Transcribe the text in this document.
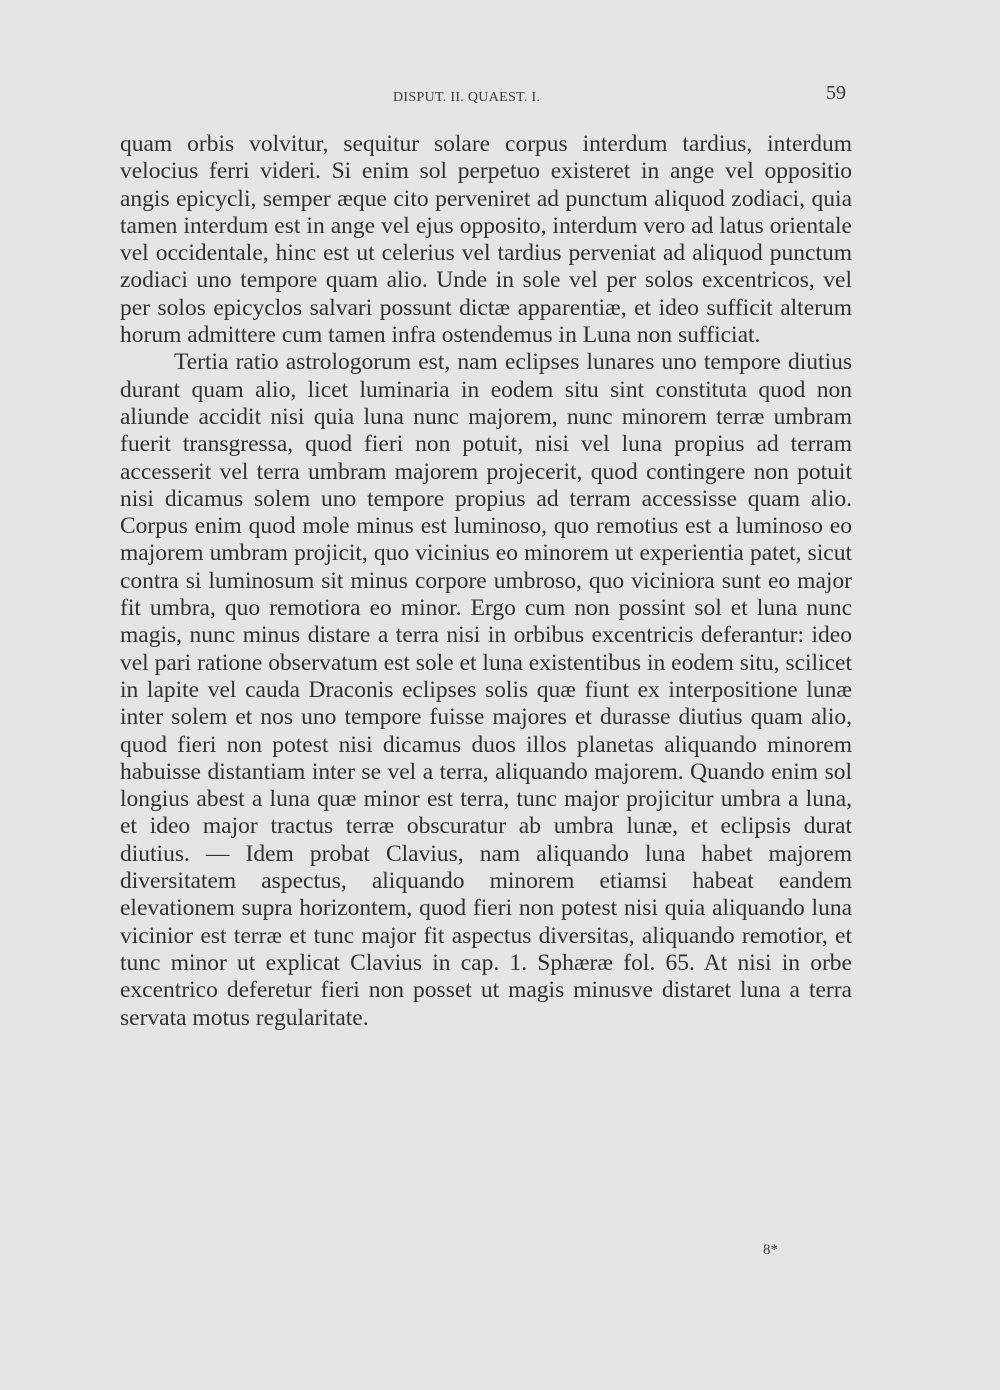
DISPUT. II. QUAEST. I.	59

quam orbis volvitur, sequitur solare corpus interdum tardius, interdum velocius ferri videri. Si enim sol perpetuo existeret in ange vel oppositio angis epicycli, semper æque cito perveniret ad punctum aliquod zodiaci, quia tamen interdum est in ange vel ejus opposito, interdum vero ad latus orientale vel occidentale, hinc est ut celerius vel tardius perveniat ad aliquod punctum zodiaci uno tempore quam alio. Unde in sole vel per solos excentricos, vel per solos epicyclos salvari possunt dictæ apparentiæ, et ideo sufficit alterum horum admittere cum tamen infra ostendemus in Luna non sufficiat.

Tertia ratio astrologorum est, nam eclipses lunares uno tempore diutius durant quam alio, licet luminaria in eodem situ sint constituta quod non aliunde accidit nisi quia luna nunc majorem, nunc minorem terræ umbram fuerit transgressa, quod fieri non potuit, nisi vel luna propius ad terram accesserit vel terra umbram majorem projecerit, quod contingere non potuit nisi dicamus solem uno tempore propius ad terram accessisse quam alio. Corpus enim quod mole minus est luminoso, quo remotius est a luminoso eo majorem umbram projicit, quo vicinius eo minorem ut experientia patet, sicut contra si luminosum sit minus corpore umbroso, quo viciniora sunt eo major fit umbra, quo remotiora eo minor. Ergo cum non possint sol et luna nunc magis, nunc minus distare a terra nisi in orbibus excentricis deferantur: ideo vel pari ratione observatum est sole et luna existentibus in eodem situ, scilicet in lapite vel cauda Draconis eclipses solis quæ fiunt ex interpositione lunæ inter solem et nos uno tempore fuisse majores et durasse diutius quam alio, quod fieri non potest nisi dicamus duos illos planetas aliquando minorem habuisse distantiam inter se vel a terra, aliquando majorem. Quando enim sol longius abest a luna quæ minor est terra, tunc major projicitur umbra a luna, et ideo major tractus terræ obscuratur ab umbra lunæ, et eclipsis durat diutius. — Idem probat Clavius, nam aliquando luna habet majorem diversitatem aspectus, aliquando minorem etiamsi habeat eandem elevationem supra horizontem, quod fieri non potest nisi quia aliquando luna vicinior est terræ et tunc major fit aspectus diversitas, aliquando remotior, et tunc minor ut explicat Clavius in cap. 1. Sphæræ fol. 65. At nisi in orbe excentrico deferetur fieri non posset ut magis minusve distaret luna a terra servata motus regularitate.

8*
